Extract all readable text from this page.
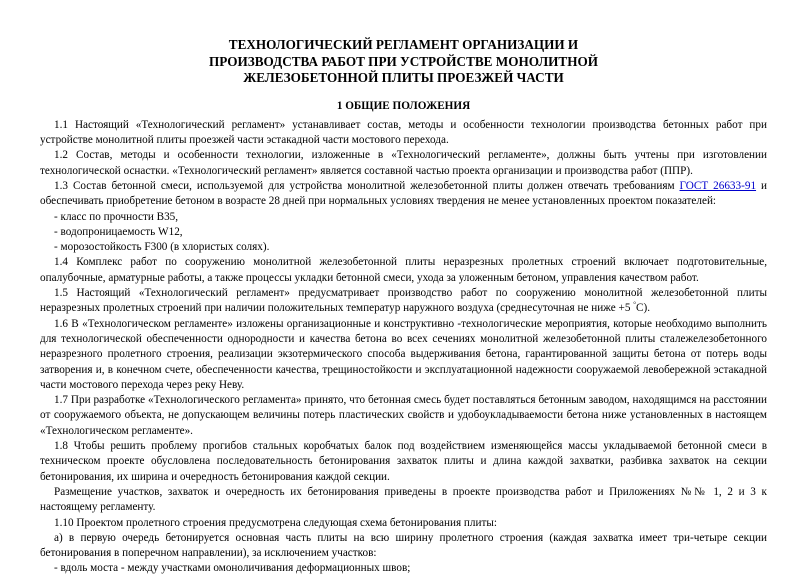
ТЕХНОЛОГИЧЕСКИЙ РЕГЛАМЕНТ ОРГАНИЗАЦИИ И
ПРОИЗВОДСТВА РАБОТ ПРИ УСТРОЙСТВЕ МОНОЛИТНОЙ
ЖЕЛЕЗОБЕТОННОЙ ПЛИТЫ ПРОЕЗЖЕЙ ЧАСТИ
1 ОБЩИЕ ПОЛОЖЕНИЯ

1.1 Настоящий «Технологический регламент» устанавливает состав, методы и особенности технологии производства бетонных работ при устройстве монолитной плиты проезжей части эстакадной части мостового перехода.

1.2 Состав, методы и особенности технологии, изложенные в «Технологический регламенте», должны быть учтены при изготовлении технологической оснастки. «Технологический регламент» является составной частью проекта организации и производства работ (ППР).

1.3 Состав бетонной смеси, используемой для устройства монолитной железобетонной плиты должен отвечать требованиям ГОСТ 26633-91 и обеспечивать приобретение бетоном в возрасте 28 дней при нормальных условиях твердения не менее установленных проектом показателей:

- класс по прочности B35,

- водопроницаемость W12,

- морозостойкость F300 (в хлористых солях).

1.4 Комплекс работ по сооружению монолитной железобетонной плиты неразрезных пролетных строений включает подготовительные, опалубочные, арматурные работы, а также процессы укладки бетонной смеси, ухода за уложенным бетоном, управления качеством работ.

1.5 Настоящий «Технологический регламент» предусматривает производство работ по сооружению монолитной железобетонной плиты неразрезных пролетных строений при наличии положительных температур наружного воздуха (среднесуточная не ниже +5 °С).

1.6 В «Технологическом регламенте» изложены организационные и конструктивно -технологические мероприятия, которые необходимо выполнить для технологической обеспеченности однородности и качества бетона во всех сечениях монолитной железобетонной плиты сталежелезобетонного неразрезного пролетного строения, реализации экзотермического способа выдерживания бетона, гарантированной защиты бетона от потерь воды затворения и, в конечном счете, обеспеченности качества, трещиностойкости и эксплуатационной надежности сооружаемой левобережной эстакадной части мостового перехода через реку Неву.

1.7 При разработке «Технологического регламента» принято, что бетонная смесь будет поставляться бетонным заводом, находящимся на расстоянии от сооружаемого объекта, не допускающем величины потерь пластических свойств и удобоукладываемости бетона ниже установленных в настоящем «Технологическом регламенте».

1.8 Чтобы решить проблему прогибов стальных коробчатых балок под воздействием изменяющейся массы укладываемой бетонной смеси в техническом проекте обусловлена последовательность бетонирования захваток плиты и длина каждой захватки, разбивка захваток на секции бетонирования, их ширина и очередность бетонирования каждой секции.

Размещение участков, захваток и очередность их бетонирования приведены в проекте производства работ и Приложениях №№ 1, 2 и 3 к настоящему регламенту.

1.10 Проектом пролетного строения предусмотрена следующая схема бетонирования плиты:

а) в первую очередь бетонируется основная часть плиты на всю ширину пролетного строения (каждая захватка имеет три-четыре секции бетонирования в поперечном направлении), за исключением участков:

- вдоль моста - между участками омоноличивания деформационных швов;
